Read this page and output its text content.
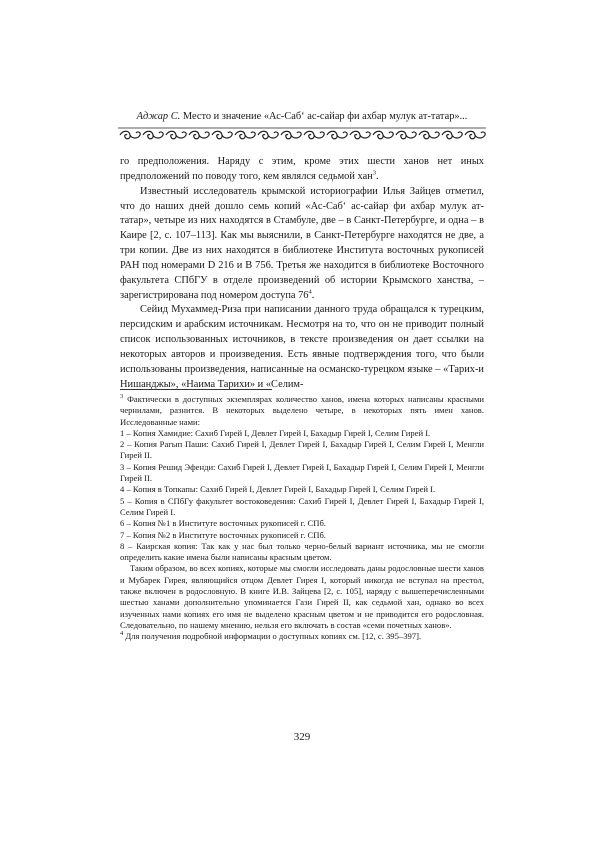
Аджар С. Место и значение «Ас-Саб‘ ас-сайар фи ахбар мулук ат-татар»...

го предположения. Наряду с этим, кроме этих шести ханов нет иных предположений по поводу того, кем являлся седьмой хан$^3$.

Известный исследователь крымской историографии Илья Зайцев отметил, что до наших дней дошло семь копий «Ас-Саб‘ ас-сайар фи ахбар мулук ат-татар», четыре из них находятся в Стамбуле, две – в Санкт-Петербурге, и одна – в Каире [2, с. 107–113]. Как мы выяснили, в Санкт-Петербурге находятся не две, а три копии. Две из них находятся в библиотеке Института восточных рукописей РАН под номерами D 216 и B 756. Третья же находится в библиотеке Восточного факультета СПбГУ в отделе произведений об истории Крымского ханства, – зарегистрирована под номером доступа $76^4$.

Сейид Мухаммед-Риза при написании данного труда обращался к турецким, персидским и арабским источникам. Несмотря на то, что он не приводит полный список использованных источников, в тексте произведения он дает ссылки на некоторых авторов и произведения. Есть явные подтверждения того, что были использованы произведения, написанные на османско-турецком языке – «Тарих-и Нишанджы», «Наима Тарихи» и «Селим-

$^3$ Фактически в доступных экземплярах количество ханов, имена которых написаны красными чернилами, разнится. В некоторых выделено четыре, в некоторых пять имен ханов. Исследованные нами:

1 – Копия Хамидие: Сахиб Гирей I, Девлет Гирей I, Бахадыр Гирей I, Селим Гирей I.

2 – Копия Рагып Паши: Сахиб Гирей I, Девлет Гирей I, Бахадыр Гирей I, Селим Гирей I, Менгли Гирей II.

3 – Копия Решид Эфенди: Сахиб Гирей I, Девлет Гирей I, Бахадыр Гирей I, Селим Гирей I, Менгли Гирей II.

4 – Копия в Топкапы: Сахиб Гирей I, Девлет Гирей I, Бахадыр Гирей I, Селим Гирей I.

5 – Копия в СПбГу факультет востоковедения: Сахиб Гирей I, Девлет Гирей I, Бахадыр Гирей I, Селим Гирей I.

6 – Копия №1 в Институте восточных рукописей г. СПб.

7 – Копия №2 в Институте восточных рукописей г. СПб.

8 – Каирская копия: Так как у нас был только черно-белый вариант источника, мы не смогли определить какие имена были написаны красным цветом.

Таким образом, во всех копиях, которые мы смогли исследовать даны родословные шести ханов и Мубарек Гирея, являющийся отцом Девлет Гирея I, который никогда не вступал на престол, также включен в родословную. В книге И.В. Зайцева [2, с. 105], наряду с вышеперечисленными шестью ханами дополнительно упоминается Гази Гирей II, как седьмой хан, однако во всех изученных нами копиях его имя не выделено красным цветом и не приводится его родословная. Следовательно, по нашему мнению, нельзя его включать в состав «семи почетных ханов».

$^4$ Для получения подробной информации о доступных копиях см. [12, с. 395–397].

329
